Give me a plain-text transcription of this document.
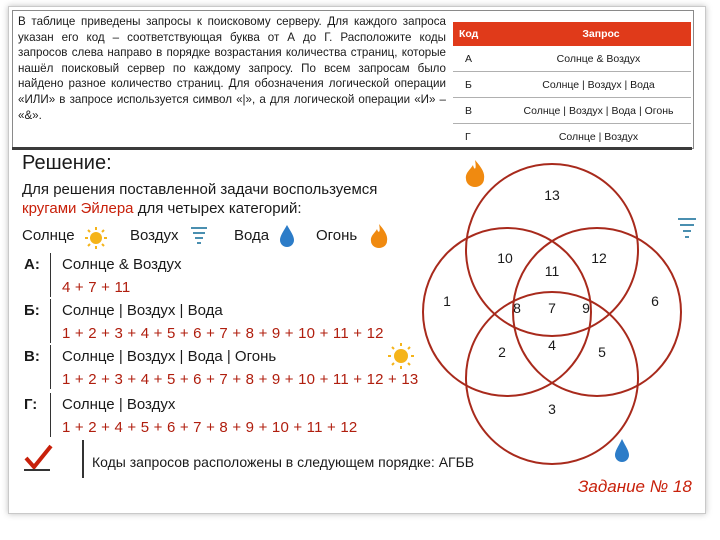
В таблице приведены запросы к поисковому серверу. Для каждого запроса указан его код – соответствующая буква от А до Г. Расположите коды запросов слева направо в порядке возрастания количества страниц, которые нашёл поисковый сервер по каждому запросу. По всем запросам было найдено разное количество страниц. Для обозначения логической операции «ИЛИ» в запросе используется символ «|», а для логической операции «И» – «&».
Код	Запрос
А	Солнце & Воздух
Б	Солнце | Воздух | Вода
В	Солнце | Воздух | Вода | Огонь
Г	Солнце | Воздух
Решение:
Для решения поставленной задачи воспользуемся
кругами Эйлера для четырех категорий:
Солнце	Воздух	Вода	Огонь
А: Солнце & Воздух
4 + 7 + 11
Б: Солнце | Воздух | Вода
1 + 2 + 3 + 4 + 5 + 6 + 7 + 8 + 9 + 10 + 11 + 12
В: Солнце | Воздух | Вода | Огонь
1 + 2 + 3 + 4 + 5 + 6 + 7 + 8 + 9 + 10 + 11 + 12 + 13
Г: Солнце | Воздух
1 + 2 + 4 + 5 + 6 + 7 + 8 + 9 + 10 + 11 + 12
Коды запросов расположены в следующем порядке: АГБВ
Задание № 18
13
10
11
12
1	8 7 9	6
2	4	5
3
